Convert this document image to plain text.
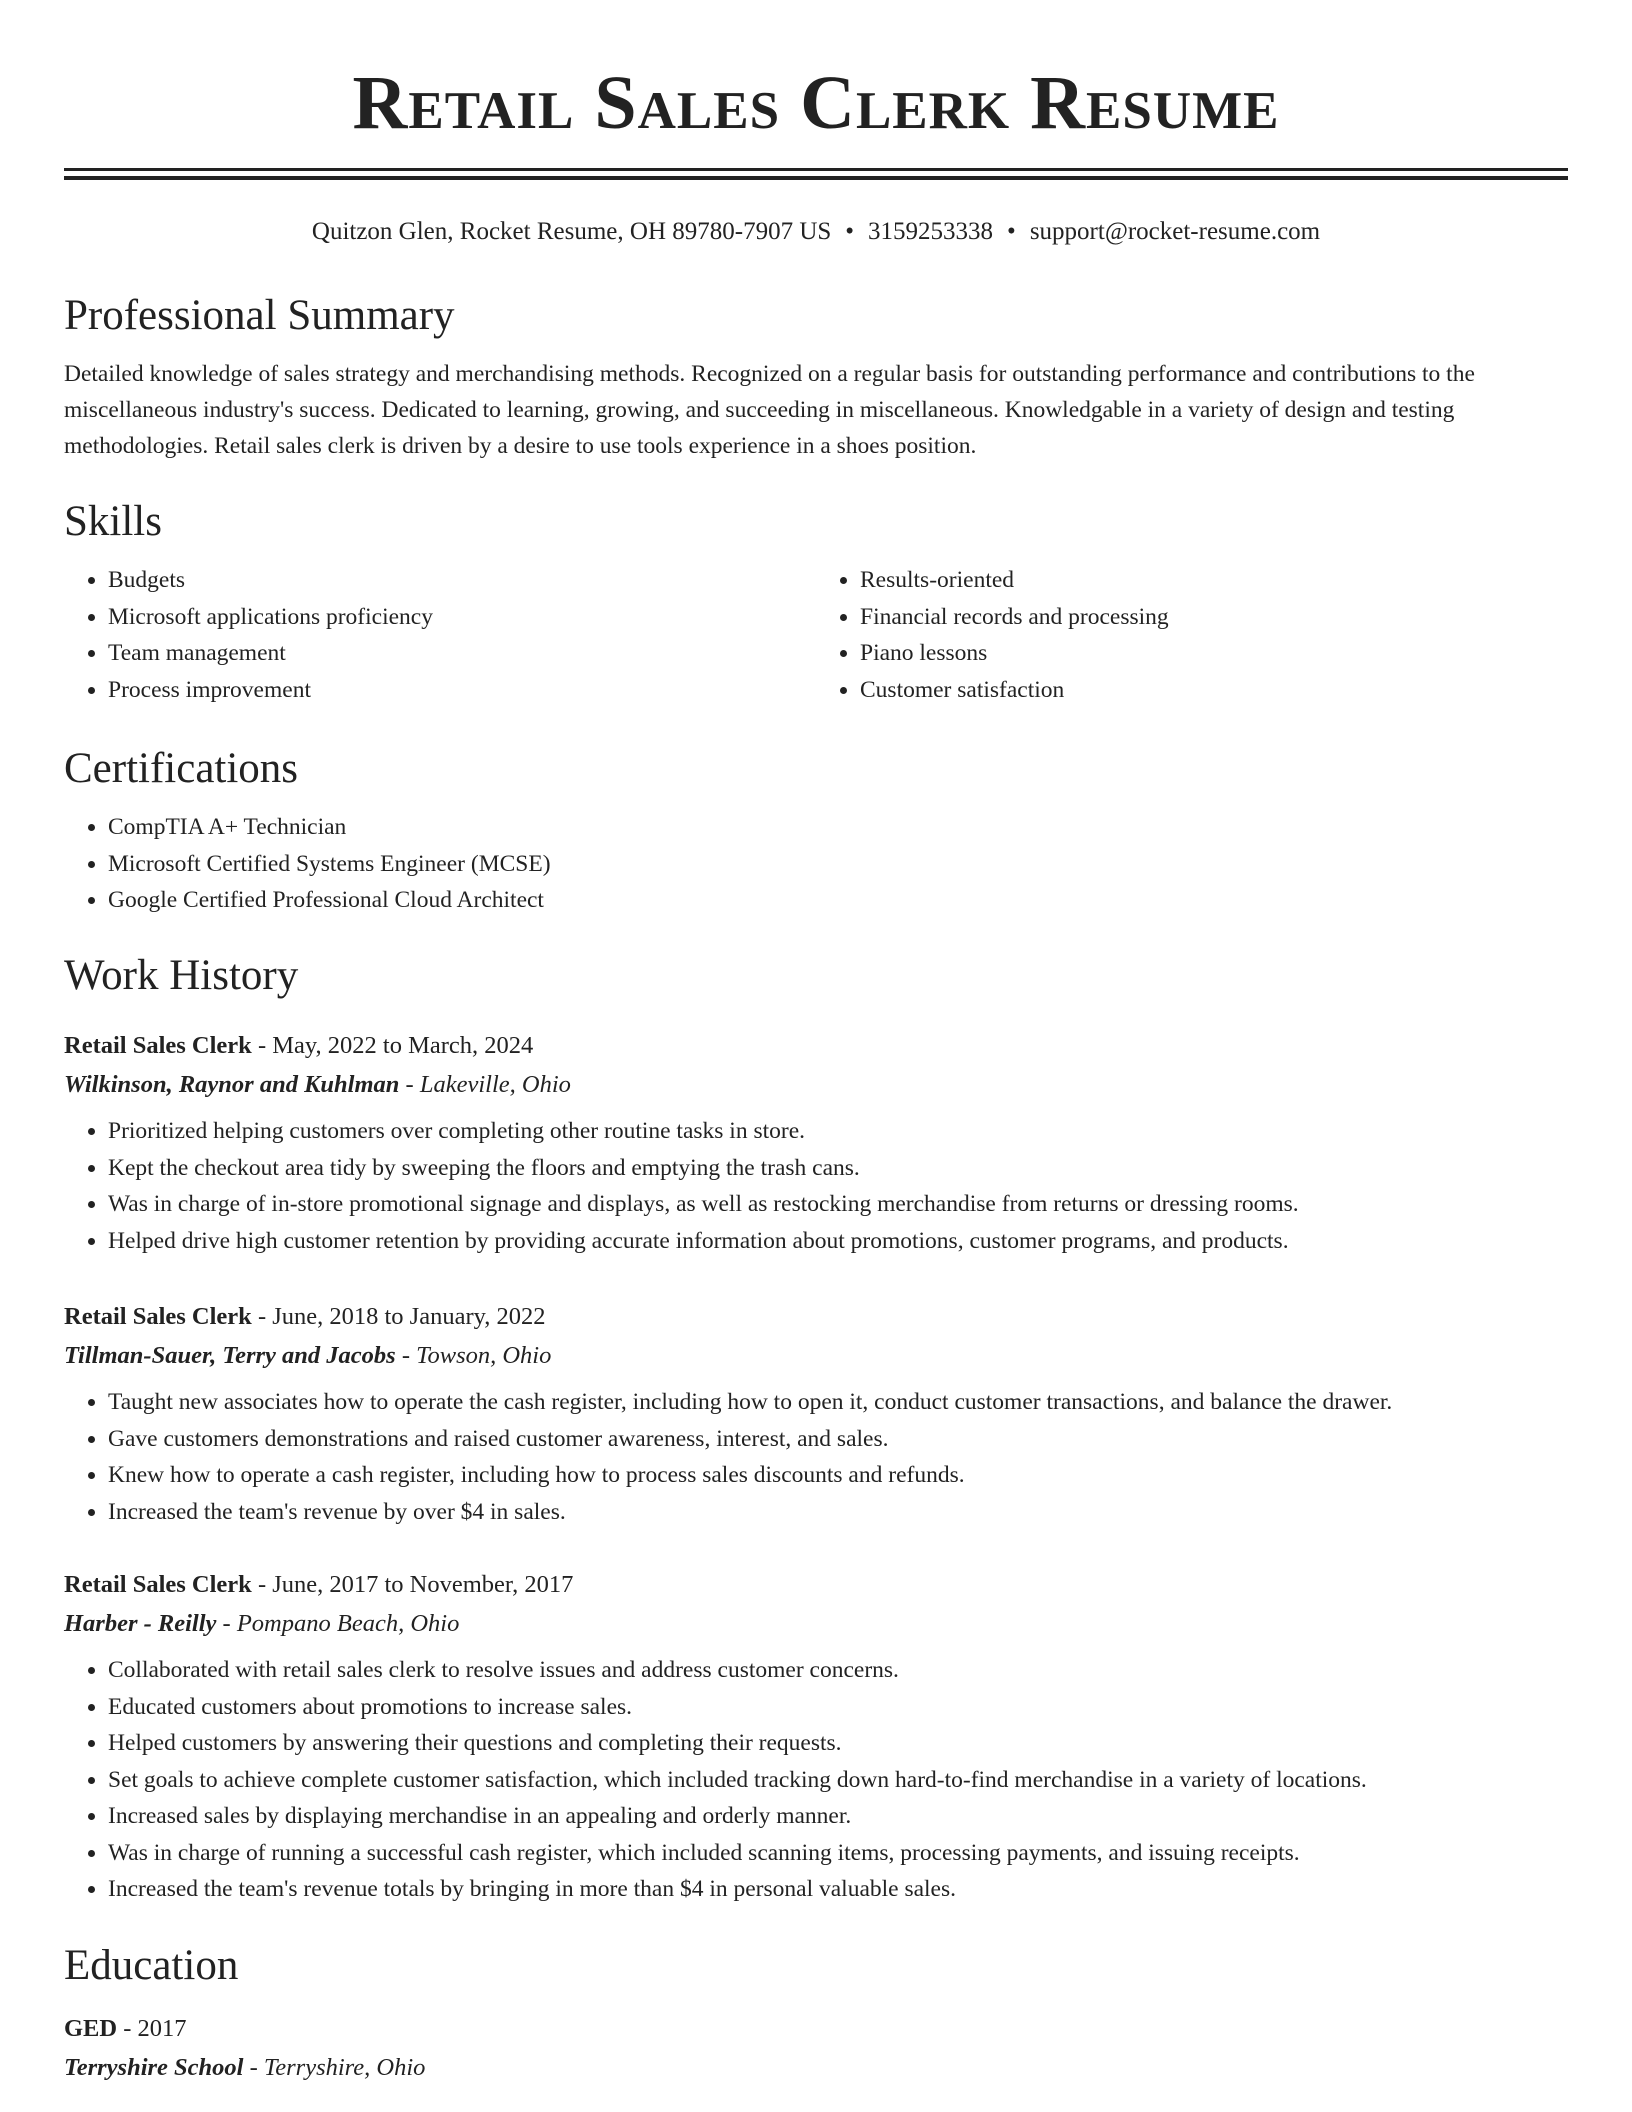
Retail Sales Clerk Resume
Quitzon Glen, Rocket Resume, OH 89780-7907 US • 3159253338 • support@rocket-resume.com
Professional Summary

Detailed knowledge of sales strategy and merchandising methods. Recognized on a regular basis for outstanding performance and contributions to the miscellaneous industry's success. Dedicated to learning, growing, and succeeding in miscellaneous. Knowledgable in a variety of design and testing methodologies. Retail sales clerk is driven by a desire to use tools experience in a shoes position.

Skills
• Budgets
• Microsoft applications proficiency
• Team management
• Process improvement
• Results-oriented
• Financial records and processing
• Piano lessons
• Customer satisfaction
Certifications
• CompTIA A+ Technician
• Microsoft Certified Systems Engineer (MCSE)
• Google Certified Professional Cloud Architect
Work History
Retail Sales Clerk - May, 2022 to March, 2024
Wilkinson, Raynor and Kuhlman - Lakeville, Ohio
• Prioritized helping customers over completing other routine tasks in store.
• Kept the checkout area tidy by sweeping the floors and emptying the trash cans.
• Was in charge of in-store promotional signage and displays, as well as restocking merchandise from returns or dressing rooms.
• Helped drive high customer retention by providing accurate information about promotions, customer programs, and products.
Retail Sales Clerk - June, 2018 to January, 2022
Tillman-Sauer, Terry and Jacobs - Towson, Ohio
• Taught new associates how to operate the cash register, including how to open it, conduct customer transactions, and balance the drawer.
• Gave customers demonstrations and raised customer awareness, interest, and sales.
• Knew how to operate a cash register, including how to process sales discounts and refunds.
• Increased the team's revenue by over $4 in sales.
Retail Sales Clerk - June, 2017 to November, 2017
Harber - Reilly - Pompano Beach, Ohio
• Collaborated with retail sales clerk to resolve issues and address customer concerns.
• Educated customers about promotions to increase sales.
• Helped customers by answering their questions and completing their requests.
• Set goals to achieve complete customer satisfaction, which included tracking down hard-to-find merchandise in a variety of locations.
• Increased sales by displaying merchandise in an appealing and orderly manner.
• Was in charge of running a successful cash register, which included scanning items, processing payments, and issuing receipts.
• Increased the team's revenue totals by bringing in more than $4 in personal valuable sales.
Education
GED - 2017
Terryshire School - Terryshire, Ohio
